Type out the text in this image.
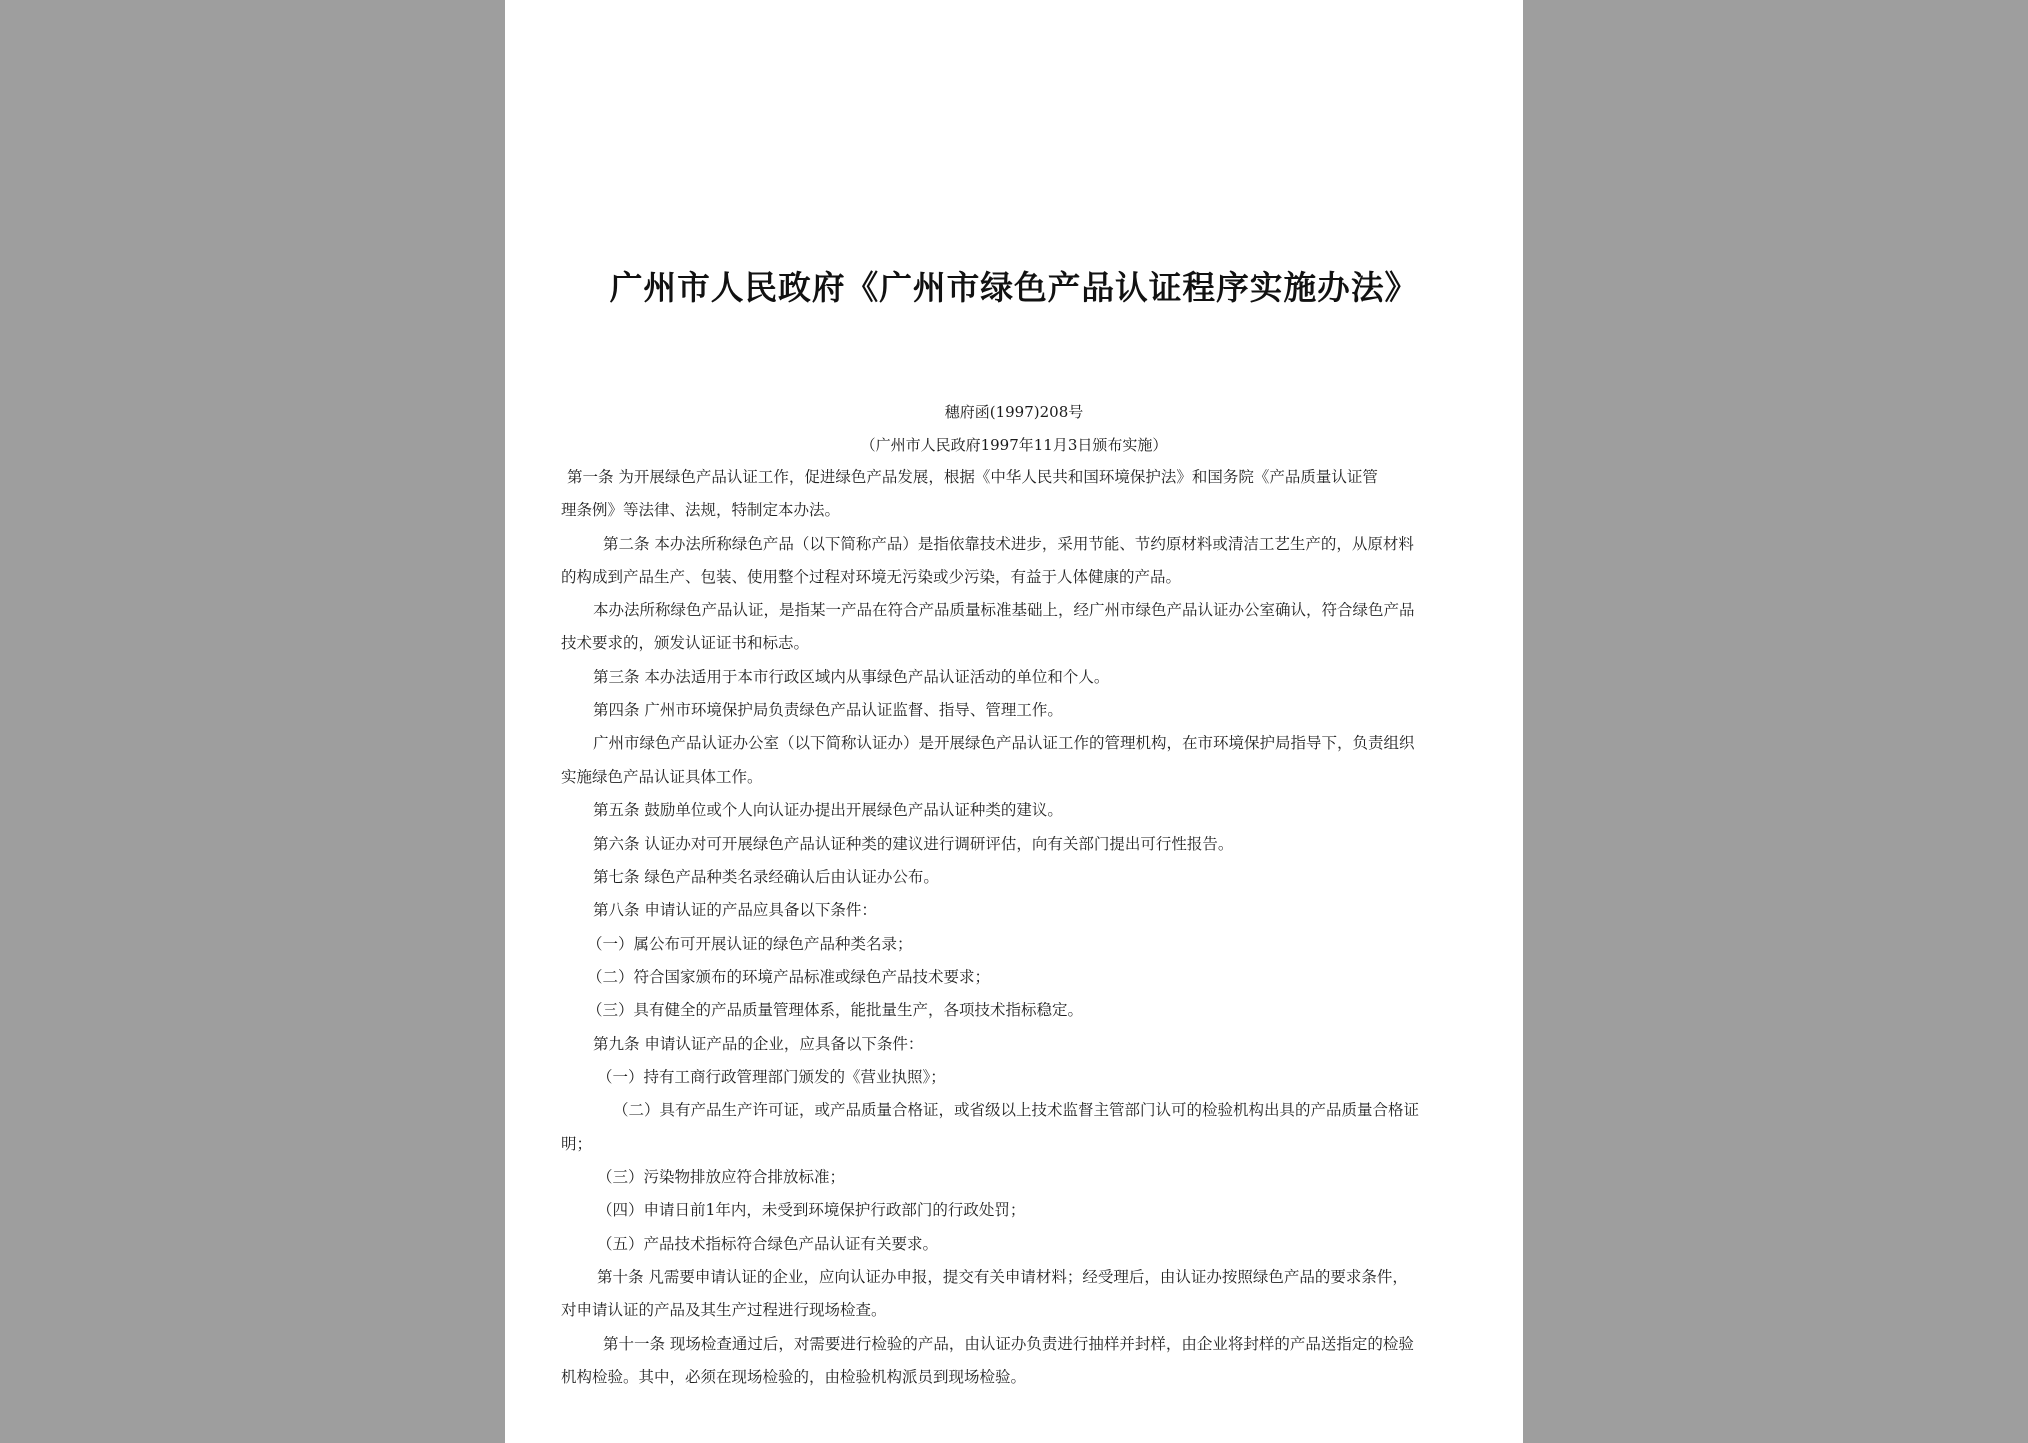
广州市人民政府《广州市绿色产品认证程序实施办法》
穗府函(1997)208号
（广州市人民政府1997年11月3日颁布实施）
第一条 为开展绿色产品认证工作，促进绿色产品发展，根据《中华人民共和国环境保护法》和国务院《产品质量认证管
理条例》等法律、法规，特制定本办法。
第二条 本办法所称绿色产品（以下简称产品）是指依靠技术进步，采用节能、节约原材料或清洁工艺生产的，从原材料
的构成到产品生产、包装、使用整个过程对环境无污染或少污染，有益于人体健康的产品。
本办法所称绿色产品认证，是指某一产品在符合产品质量标准基础上，经广州市绿色产品认证办公室确认，符合绿色产品
技术要求的，颁发认证证书和标志。
第三条 本办法适用于本市行政区域内从事绿色产品认证活动的单位和个人。
第四条 广州市环境保护局负责绿色产品认证监督、指导、管理工作。
广州市绿色产品认证办公室（以下简称认证办）是开展绿色产品认证工作的管理机构，在市环境保护局指导下，负责组织
实施绿色产品认证具体工作。
第五条 鼓励单位或个人向认证办提出开展绿色产品认证种类的建议。
第六条 认证办对可开展绿色产品认证种类的建议进行调研评估，向有关部门提出可行性报告。
第七条 绿色产品种类名录经确认后由认证办公布。
第八条 申请认证的产品应具备以下条件：
（一）属公布可开展认证的绿色产品种类名录；
（二）符合国家颁布的环境产品标准或绿色产品技术要求；
（三）具有健全的产品质量管理体系，能批量生产，各项技术指标稳定。
第九条 申请认证产品的企业，应具备以下条件：
（一）持有工商行政管理部门颁发的《营业执照》；
（二）具有产品生产许可证，或产品质量合格证，或省级以上技术监督主管部门认可的检验机构出具的产品质量合格证
明；
（三）污染物排放应符合排放标准；
（四）申请日前1年内，未受到环境保护行政部门的行政处罚；
（五）产品技术指标符合绿色产品认证有关要求。
第十条 凡需要申请认证的企业，应向认证办申报，提交有关申请材料；经受理后，由认证办按照绿色产品的要求条件，
对申请认证的产品及其生产过程进行现场检查。
第十一条 现场检查通过后，对需要进行检验的产品，由认证办负责进行抽样并封样，由企业将封样的产品送指定的检验
机构检验。其中，必须在现场检验的，由检验机构派员到现场检验。
